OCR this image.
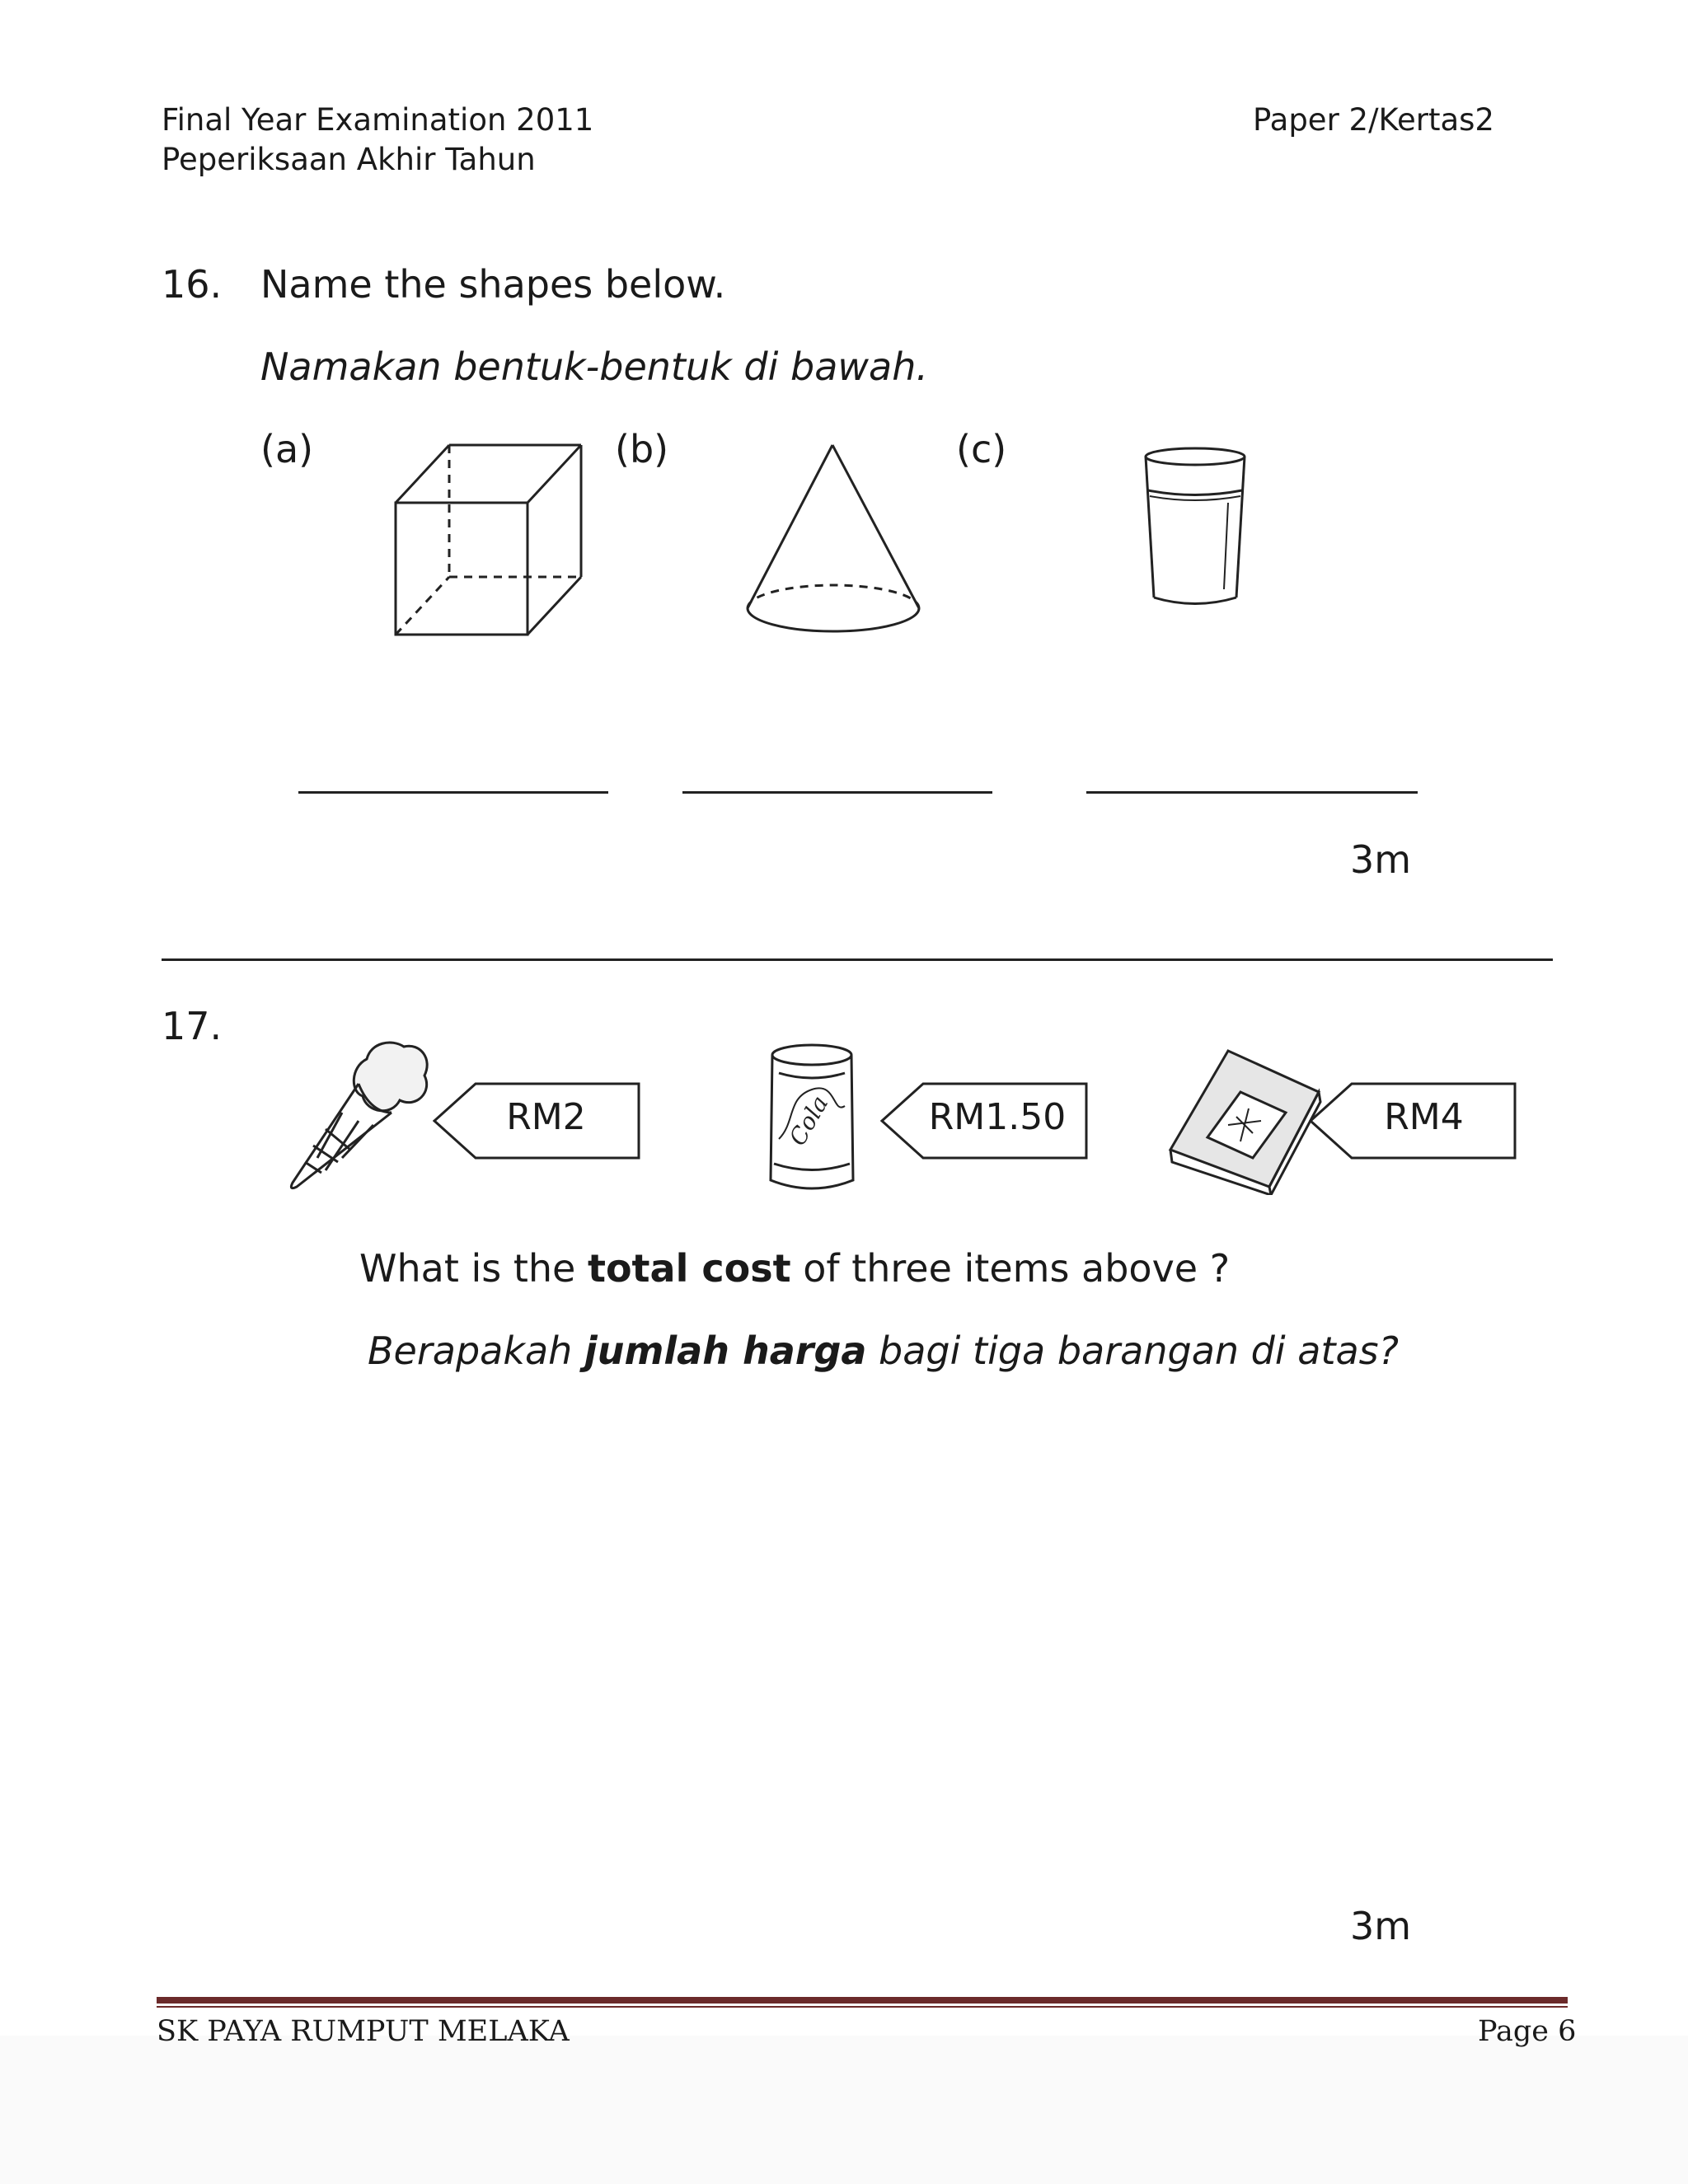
Final Year Examination 2011
Peperiksaan Akhir Tahun
Paper 2/Kertas2
16. Name the shapes below.
Namakan bentuk-bentuk di bawah.
(a)	(b)	(c)
3m
17.
RM2	Cola	RM1.50	RM4
What is the total cost of three items above ?
Berapakah jumlah harga bagi tiga barangan di atas?
3m
SK PAYA RUMPUT MELAKA	Page 6
